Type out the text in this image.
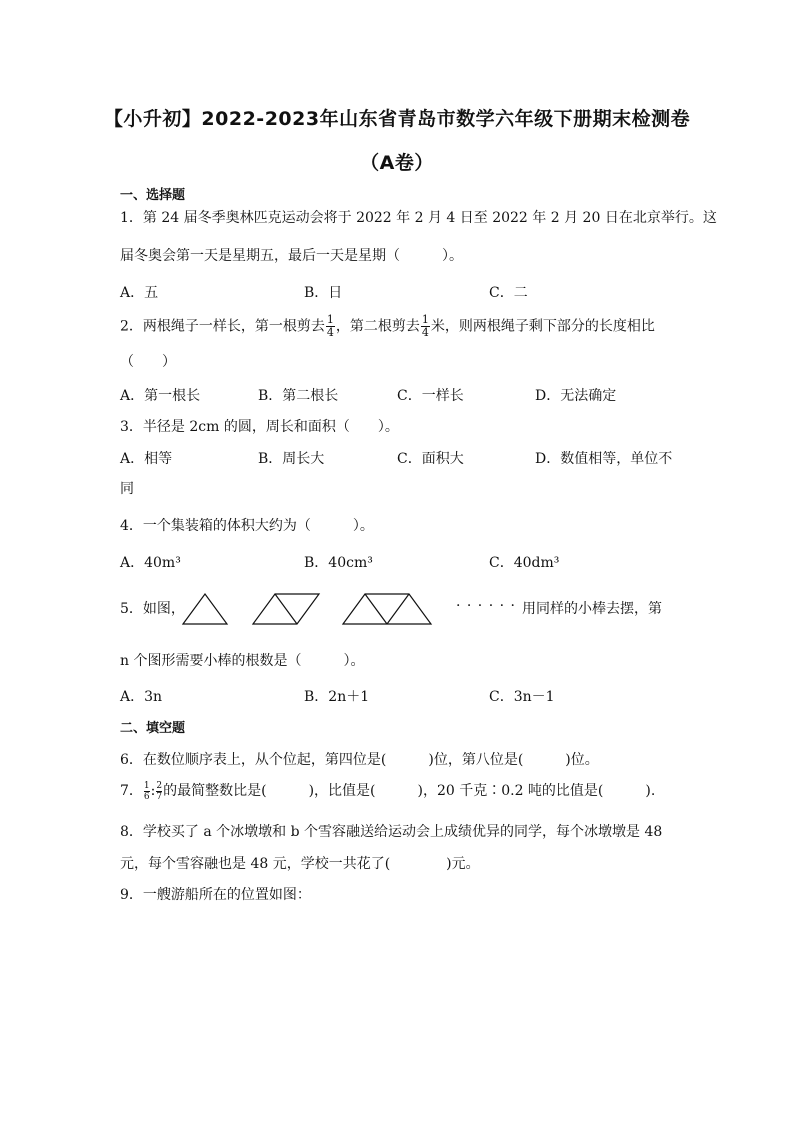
【小升初】2022-2023年山东省青岛市数学六年级下册期末检测卷
（A卷）
一、选择题
1．第 24 届冬季奥林匹克运动会将于 2022 年 2 月 4 日至 2022 年 2 月 20 日在北京举行。这
届冬奥会第一天是星期五，最后一天是星期（　　　）。
A．五	B．日	C．二
2．两根绳子一样长，第一根剪去 $\frac{1}{4}$ ，第二根剪去 $\frac{1}{4}$ 米，则两根绳子剩下部分的长度相比
（　　）
A．第一根长	B．第二根长	C．一样长	D．无法确定
3．半径是 2cm 的圆，周长和面积（　　）。
A．相等	B．周长大	C．面积大	D．数值相等，单位不
同
4．一个集装箱的体积大约为（　　　）。
A．40m³	B．40cm³	C．40dm³
5．如图，	· · · · · · 用同样的小棒去摆，第
n 个图形需要小棒的根数是（　　　）。
A．3n	B．2n＋1	C．3n－1
二、填空题
6．在数位顺序表上，从个位起，第四位是(　　　)位，第八位是(　　　)位。
7． $\frac{1}{6}$ : $\frac{2}{7}$ 的最简整数比是(　　　)，比值是(　　　)，20 千克∶0.2 吨的比值是(　　　).
8．学校买了 a 个冰墩墩和 b 个雪容融送给运动会上成绩优异的同学，每个冰墩墩是 48
元，每个雪容融也是 48 元，学校一共花了(　　　　)元。
9．一艘游船所在的位置如图：
